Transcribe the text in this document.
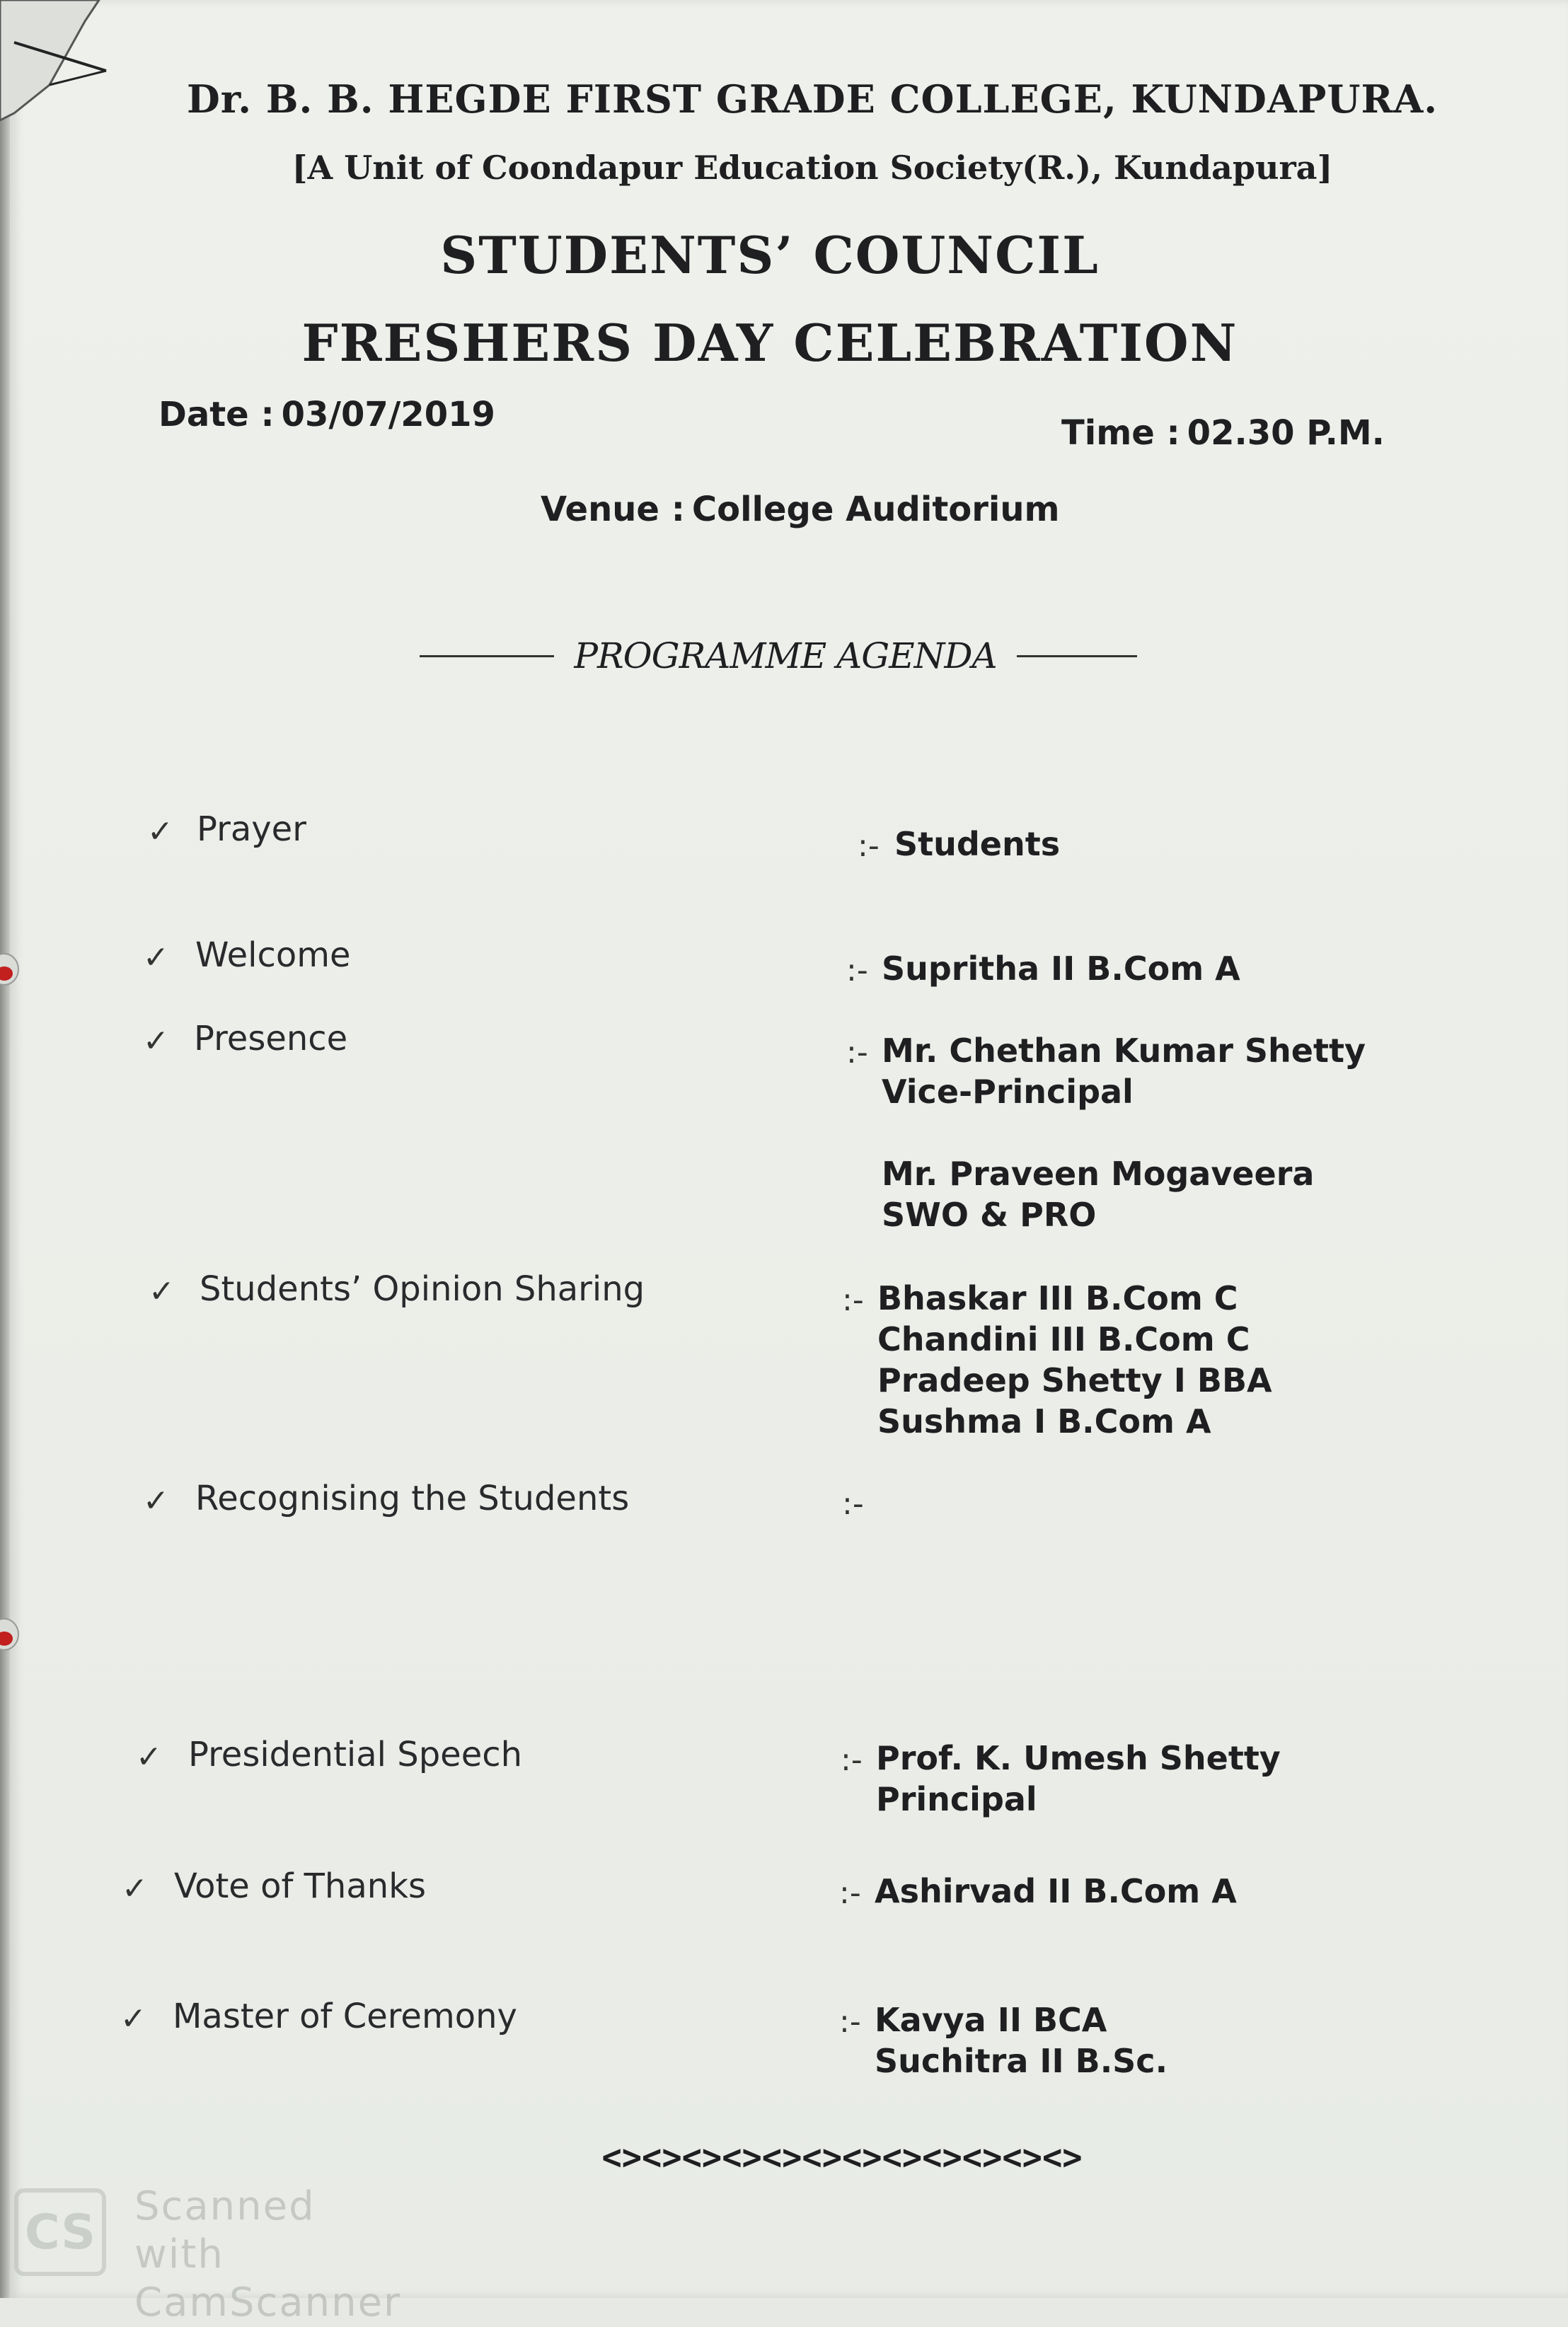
Dr. B. B. HEGDE FIRST GRADE COLLEGE, KUNDAPURA.
[A Unit of Coondapur Education Society(R.), Kundapura]
STUDENTS’ COUNCIL
FRESHERS DAY CELEBRATION
Date : 03/07/2019	Time : 02.30 P.M.
Venue : College Auditorium
PROGRAMME AGENDA
✓ Prayer	:- Students
✓ Welcome	:- Supritha II B.Com A
✓ Presence	:- Mr. Chethan Kumar Shetty
Vice-Principal
Mr. Praveen Mogaveera
SWO & PRO
✓ Students’ Opinion Sharing	:- Bhaskar III B.Com C
Chandini III B.Com C
Pradeep Shetty I BBA
Sushma I B.Com A
✓ Recognising the Students	:-
✓ Presidential Speech	:- Prof. K. Umesh Shetty
Principal
✓ Vote of Thanks	:- Ashirvad II B.Com A
✓ Master of Ceremony	:- Kavya II BCA
Suchitra II B.Sc.
<><><><><><><><><><><><>
CS Scanned with
CamScanner
